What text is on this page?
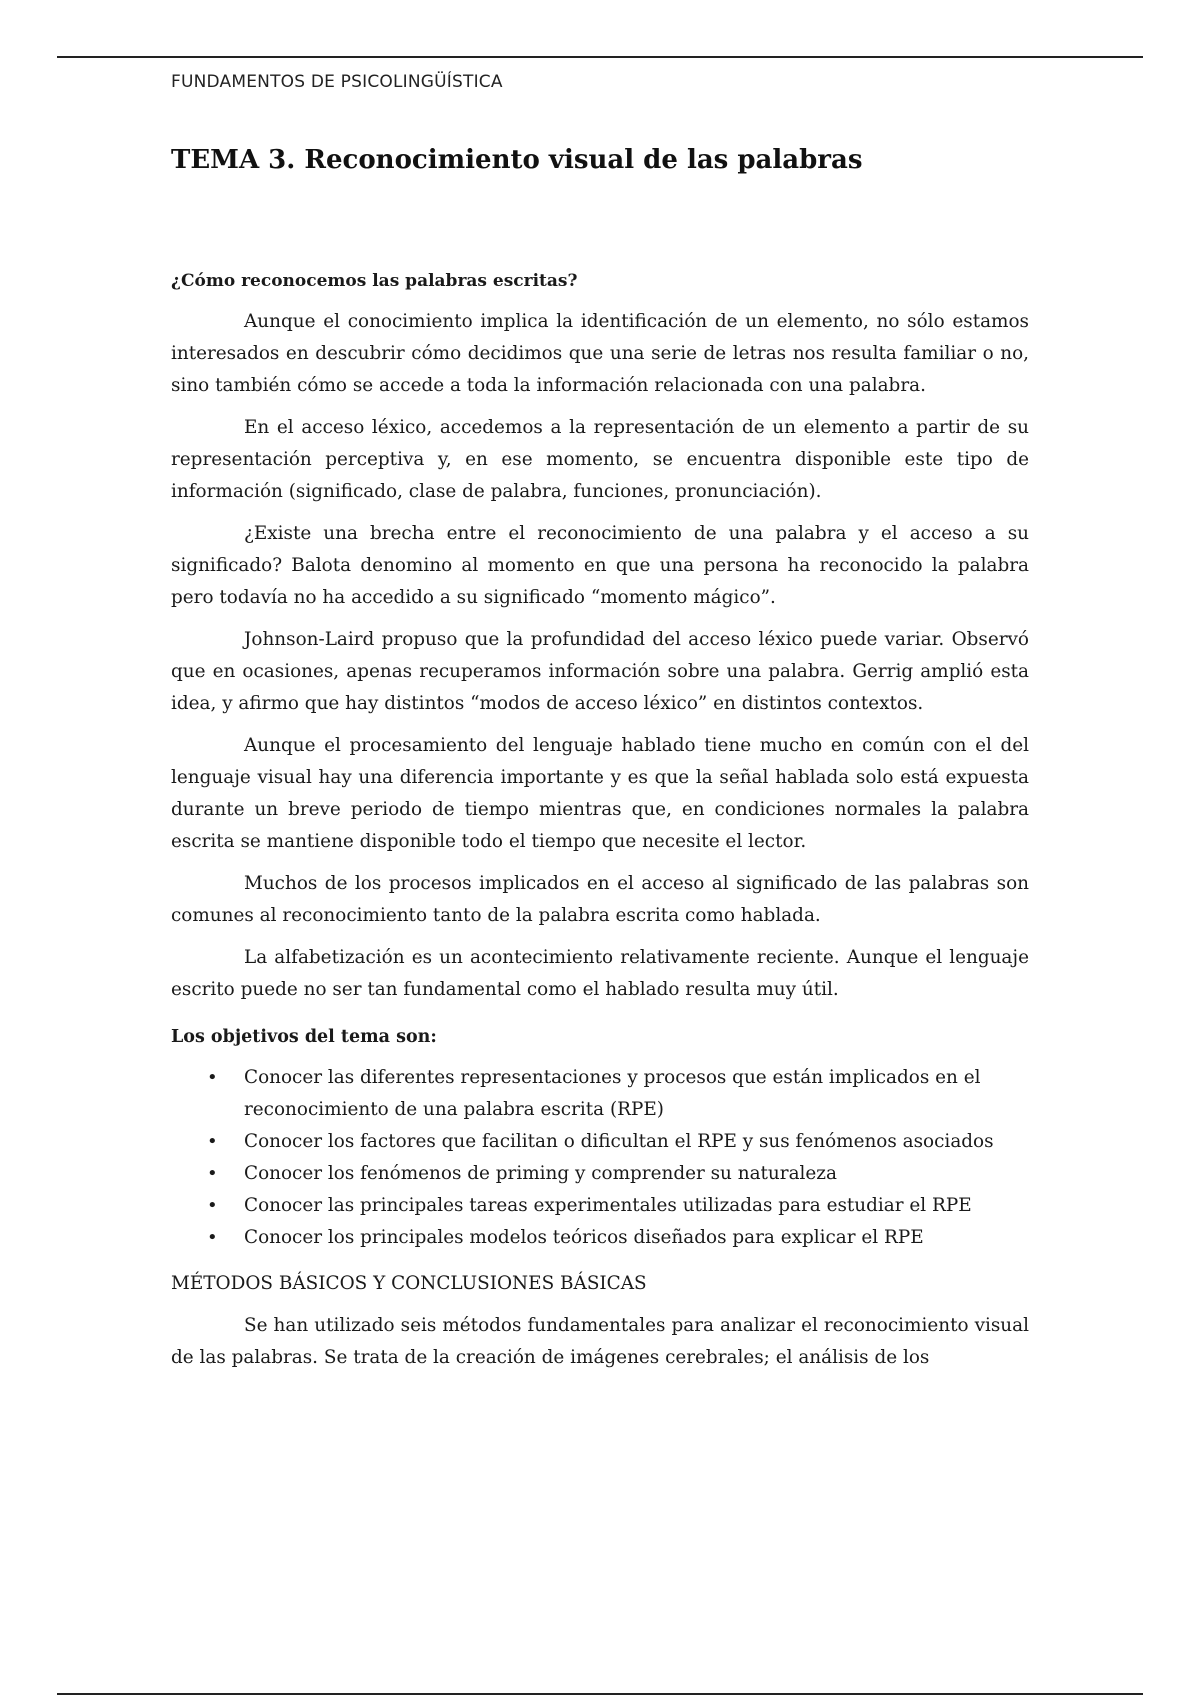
FUNDAMENTOS DE PSICOLINGÜÍSTICA
TEMA 3. Reconocimiento visual de las palabras

¿Cómo reconocemos las palabras escritas?

Aunque el conocimiento implica la identificación de un elemento, no sólo estamos interesados en descubrir cómo decidimos que una serie de letras nos resulta familiar o no, sino también cómo se accede a toda la información relacionada con una palabra.

En el acceso léxico, accedemos a la representación de un elemento a partir de su representación perceptiva y, en ese momento, se encuentra disponible este tipo de información (significado, clase de palabra, funciones, pronunciación).

¿Existe una brecha entre el reconocimiento de una palabra y el acceso a su significado? Balota denomino al momento en que una persona ha reconocido la palabra pero todavía no ha accedido a su significado “momento mágico”.

Johnson-Laird propuso que la profundidad del acceso léxico puede variar. Observó que en ocasiones, apenas recuperamos información sobre una palabra. Gerrig amplió esta idea, y afirmo que hay distintos “modos de acceso léxico” en distintos contextos.

Aunque el procesamiento del lenguaje hablado tiene mucho en común con el del lenguaje visual hay una diferencia importante y es que la señal hablada solo está expuesta durante un breve periodo de tiempo mientras que, en condiciones normales la palabra escrita se mantiene disponible todo el tiempo que necesite el lector.

Muchos de los procesos implicados en el acceso al significado de las palabras son comunes al reconocimiento tanto de la palabra escrita como hablada.

La alfabetización es un acontecimiento relativamente reciente. Aunque el lenguaje escrito puede no ser tan fundamental como el hablado resulta muy útil.

Los objetivos del tema son:

• Conocer las diferentes representaciones y procesos que están implicados en el reconocimiento de una palabra escrita (RPE)
• Conocer los factores que facilitan o dificultan el RPE y sus fenómenos asociados
• Conocer los fenómenos de priming y comprender su naturaleza
• Conocer las principales tareas experimentales utilizadas para estudiar el RPE
• Conocer los principales modelos teóricos diseñados para explicar el RPE

MÉTODOS BÁSICOS Y CONCLUSIONES BÁSICAS

Se han utilizado seis métodos fundamentales para analizar el reconocimiento visual de las palabras. Se trata de la creación de imágenes cerebrales; el análisis de los
